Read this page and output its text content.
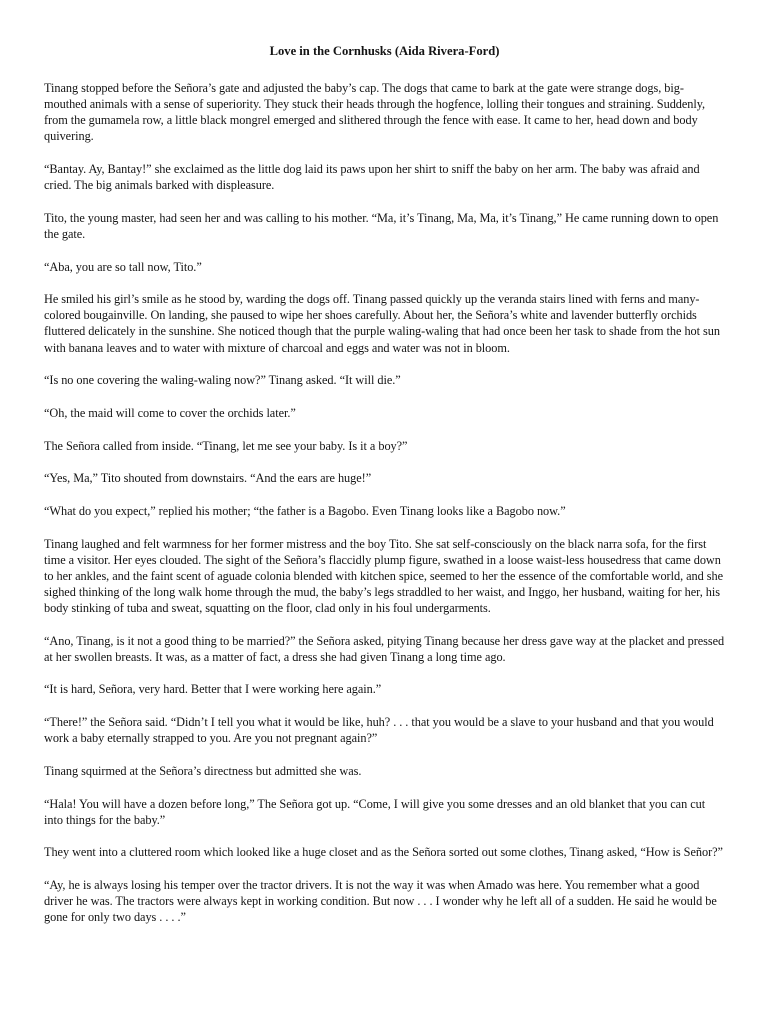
Love in the Cornhusks (Aida Rivera-Ford)

Tinang stopped before the Señora’s gate and adjusted the baby’s cap. The dogs that came to bark at the gate were strange dogs, big-mouthed animals with a sense of superiority. They stuck their heads through the hogfence, lolling their tongues and straining. Suddenly, from the gumamela row, a little black mongrel emerged and slithered through the fence with ease. It came to her, head down and body quivering.

“Bantay. Ay, Bantay!” she exclaimed as the little dog laid its paws upon her shirt to sniff the baby on her arm. The baby was afraid and cried. The big animals barked with displeasure.

Tito, the young master, had seen her and was calling to his mother. “Ma, it’s Tinang, Ma, Ma, it’s Tinang,” He came running down to open the gate.

“Aba, you are so tall now, Tito.”

He smiled his girl’s smile as he stood by, warding the dogs off. Tinang passed quickly up the veranda stairs lined with ferns and many-colored bougainville. On landing, she paused to wipe her shoes carefully. About her, the Señora’s white and lavender butterfly orchids fluttered delicately in the sunshine. She noticed though that the purple waling-waling that had once been her task to shade from the hot sun with banana leaves and to water with mixture of charcoal and eggs and water was not in bloom.

“Is no one covering the waling-waling now?” Tinang asked. “It will die.”

“Oh, the maid will come to cover the orchids later.”

The Señora called from inside. “Tinang, let me see your baby. Is it a boy?”

“Yes, Ma,” Tito shouted from downstairs. “And the ears are huge!”

“What do you expect,” replied his mother; “the father is a Bagobo. Even Tinang looks like a Bagobo now.”

Tinang laughed and felt warmness for her former mistress and the boy Tito. She sat self-consciously on the black narra sofa, for the first time a visitor. Her eyes clouded. The sight of the Señora’s flaccidly plump figure, swathed in a loose waist-less housedress that came down to her ankles, and the faint scent of aguade colonia blended with kitchen spice, seemed to her the essence of the comfortable world, and she sighed thinking of the long walk home through the mud, the baby’s legs straddled to her waist, and Inggo, her husband, waiting for her, his body stinking of tuba and sweat, squatting on the floor, clad only in his foul undergarments.

“Ano, Tinang, is it not a good thing to be married?” the Señora asked, pitying Tinang because her dress gave way at the placket and pressed at her swollen breasts. It was, as a matter of fact, a dress she had given Tinang a long time ago.

“It is hard, Señora, very hard. Better that I were working here again.”

“There!” the Señora said. “Didn’t I tell you what it would be like, huh? . . . that you would be a slave to your husband and that you would work a baby eternally strapped to you. Are you not pregnant again?”

Tinang squirmed at the Señora’s directness but admitted she was.

“Hala! You will have a dozen before long,” The Señora got up. “Come, I will give you some dresses and an old blanket that you can cut into things for the baby.”

They went into a cluttered room which looked like a huge closet and as the Señora sorted out some clothes, Tinang asked, “How is Señor?”

“Ay, he is always losing his temper over the tractor drivers. It is not the way it was when Amado was here. You remember what a good driver he was. The tractors were always kept in working condition. But now . . . I wonder why he left all of a sudden. He said he would be gone for only two days . . . .”
